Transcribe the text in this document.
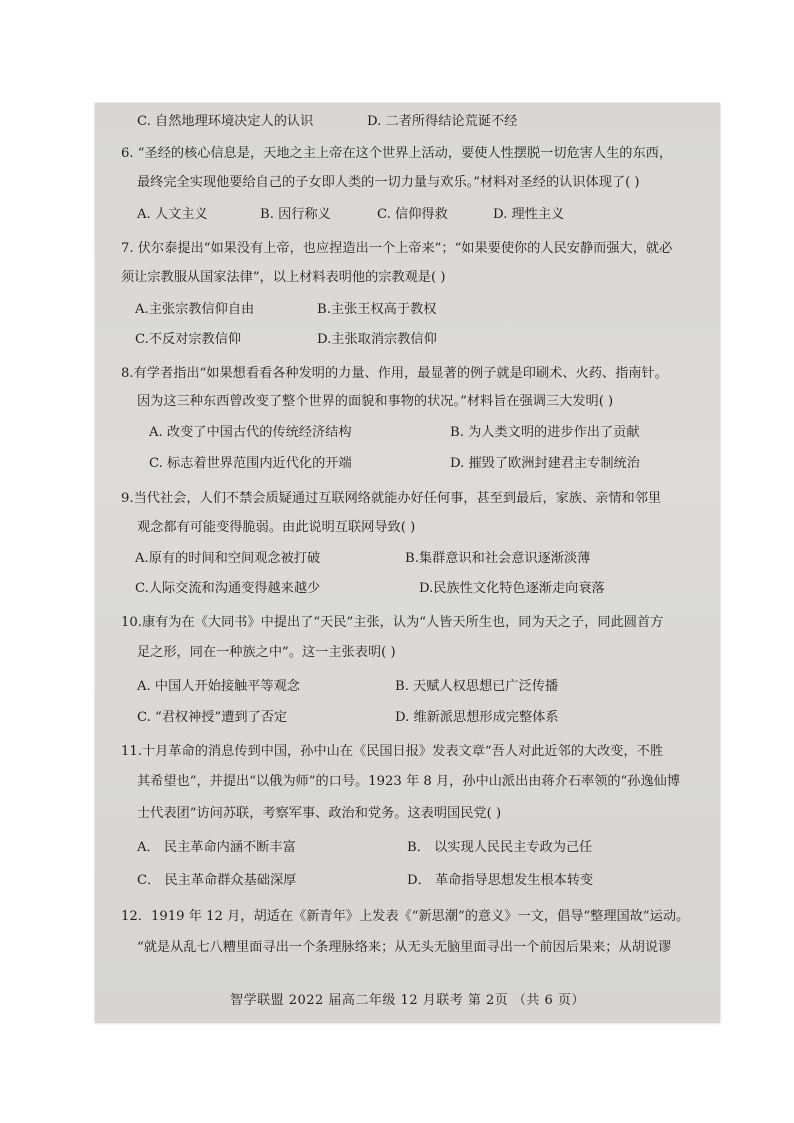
C. 自然地理环境决定人的认识	D. 二者所得结论荒诞不经
6. “圣经的核心信息是，天地之主上帝在这个世界上活动，要使人性摆脱一切危害人生的东西，
最终完全实现他要给自己的子女即人类的一切力量与欢乐。”材料对圣经的认识体现了( )
A. 人文主义	B. 因行称义	C. 信仰得救	D. 理性主义
7. 伏尔泰提出“如果没有上帝，也应捏造出一个上帝来”；“如果要使你的人民安静而强大，就必
须让宗教服从国家法律”，以上材料表明他的宗教观是( )
A.主张宗教信仰自由	B.主张王权高于教权
C.不反对宗教信仰	D.主张取消宗教信仰
8.有学者指出“如果想看看各种发明的力量、作用，最显著的例子就是印刷术、火药、指南针。
因为这三种东西曾改变了整个世界的面貌和事物的状况。”材料旨在强调三大发明( )
A. 改变了中国古代的传统经济结构	B. 为人类文明的进步作出了贡献
C. 标志着世界范围内近代化的开端	D. 摧毁了欧洲封建君主专制统治
9.当代社会，人们不禁会质疑通过互联网络就能办好任何事，甚至到最后，家族、亲情和邻里
观念都有可能变得脆弱。由此说明互联网导致( )
A.原有的时间和空间观念被打破	B.集群意识和社会意识逐渐淡薄
C.人际交流和沟通变得越来越少	D.民族性文化特色逐渐走向衰落
10.康有为在《大同书》中提出了“天民”主张，认为“人皆天所生也，同为天之子，同此圆首方
足之形，同在一种族之中”。这一主张表明( )
A. 中国人开始接触平等观念	B. 天赋人权思想已广泛传播
C. “君权神授”遭到了否定	D. 维新派思想形成完整体系
11.十月革命的消息传到中国，孙中山在《民国日报》发表文章“吾人对此近邻的大改变，不胜
其希望也”，并提出“以俄为师”的口号。1923 年 8 月，孙中山派出由蒋介石率领的“孙逸仙博
士代表团”访问苏联，考察军事、政治和党务。这表明国民党( )
A． 民主革命内涵不断丰富	B． 以实现人民民主专政为己任
C． 民主革命群众基础深厚	D． 革命指导思想发生根本转变
12．1919 年 12 月，胡适在《新青年》上发表《“新思潮”的意义》一文，倡导“整理国故”运动。
“就是从乱七八糟里面寻出一个条理脉络来；从无头无脑里面寻出一个前因后果来；从胡说谬
智学联盟 2022 届高二年级 12 月联考 第 2页 （共 6 页）
